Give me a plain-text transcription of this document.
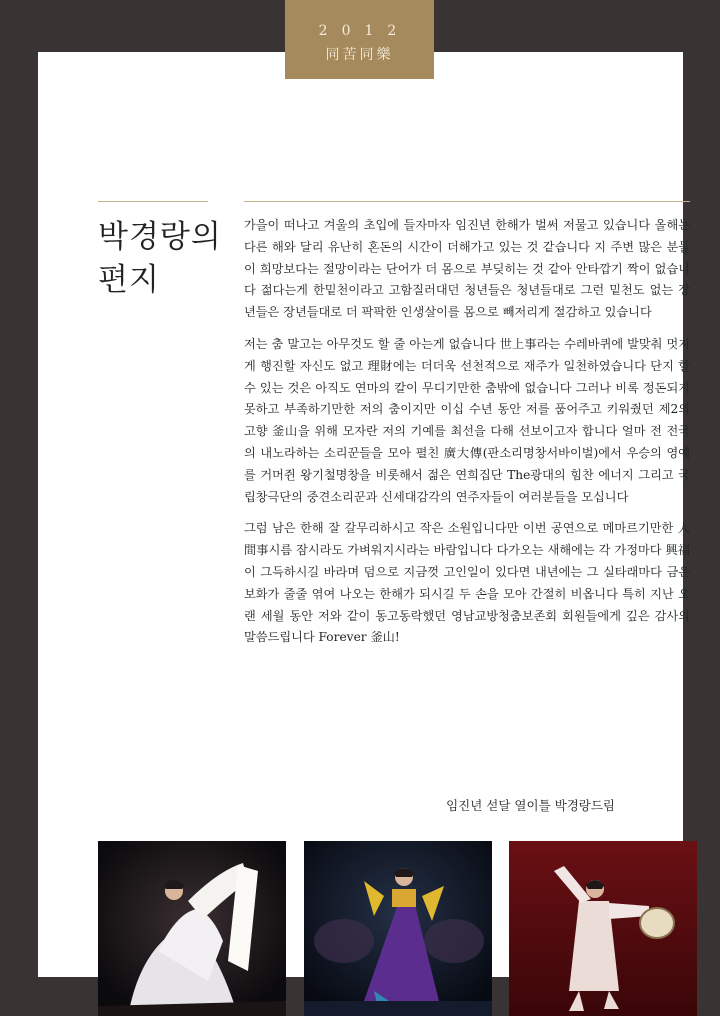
박경랑의
편지

가을이 떠나고 겨울의 초입에 들자마자 임진년 한해가 벌써 저물고 있습니다 올해는 다른 해와 달리 유난히 혼돈의 시간이 더해가고 있는 것 같습니다 지 주변 많은 분들이 희망보다는 절망이라는 단어가 더 몸으로 부딪히는 것 같아 안타깝기 짝이 없습니다 젊다는게 한밑천이라고 고함질러대던 청년들은 청년들대로 그런 밑천도 없는 장년들은 장년들대로 더 팍팍한 인생살이를 몸으로 빼저리게 절감하고 있습니다

저는 춤 말고는 아무것도 할 줄 아는게 없습니다 世上事라는 수레바퀴에 발맞춰 멋지게 행진할 자신도 없고 理財에는 더더욱 선천적으로 재주가 일천하였습니다 단지 할 수 있는 것은 아직도 연마의 칼이 무디기만한 춤밖에 없습니다 그러나 비록 정돈되지 못하고 부족하기만한 저의 춤이지만 이십 수년 동안 저를 품어주고 키워줬던 제2의 고향 釜山을 위해 모자란 저의 기예를 최선을 다해 선보이고자 합니다 얼마 전 전국의 내노라하는 소리꾼들을 모아 펼친 廣大傳(판소리명창서바이벌)에서 우승의 영예를 거머쥔 왕기철명창을 비롯해서 젊은 연희집단 The광대의 힘찬 에너지 그리고 국립창극단의 중견소리꾼과 신세대감각의 연주자들이 여러분들을 모십니다

그럼 남은 한해 잘 갈무리하시고 작은 소원입니다만 이번 공연으로 메마르기만한 人間事시름 잠시라도 가벼워지시라는 바람입니다 다가오는 새해에는 각 가정마다 興福이 그득하시길 바라며 덤으로 지금껏 고인일이 있다면 내년에는 그 실타래마다 금은보화가 줄줄 엮여 나오는 한해가 되시길 두 손을 모아 간절히 비옵니다 특히 지난 오랜 세월 동안 저와 같이 동고동락했던 영남교방청춤보존회 회원들에게 깊은 감사의 말씀드립니다 Forever 釜山!

임진년 섣달 열이틀 박경랑드림
2012
同苦同樂
